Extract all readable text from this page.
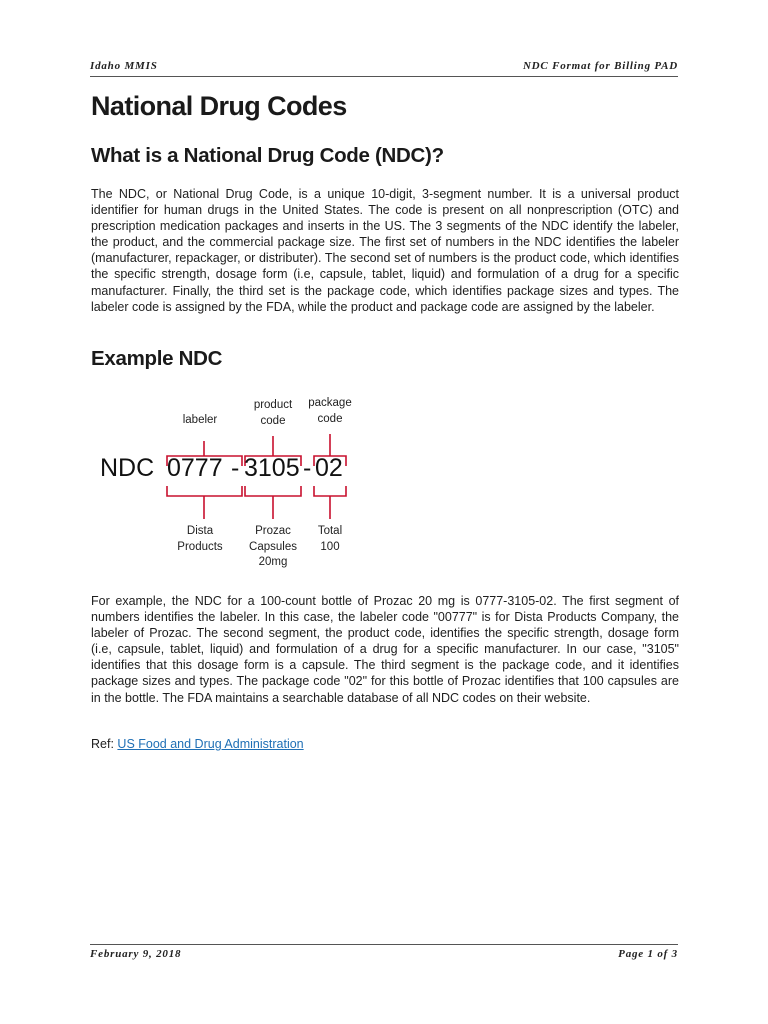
Idaho MMIS	NDC Format for Billing PAD
National Drug Codes
What is a National Drug Code (NDC)?

The NDC, or National Drug Code, is a unique 10-digit, 3-segment number. It is a universal product identifier for human drugs in the United States. The code is present on all nonprescription (OTC) and prescription medication packages and inserts in the US. The 3 segments of the NDC identify the labeler, the product, and the commercial package size. The first set of numbers in the NDC identifies the labeler (manufacturer, repackager, or distributer). The second set of numbers is the product code, which identifies the specific strength, dosage form (i.e, capsule, tablet, liquid) and formulation of a drug for a specific manufacturer. Finally, the third set is the package code, which identifies package sizes and types. The labeler code is assigned by the FDA, while the product and package code are assigned by the labeler.

Example NDC
labeler
product
code
package
code
NDC 0777 - 3105 - 02
Dista
Products
Prozac
Capsules
20mg
Total
100

For example, the NDC for a 100-count bottle of Prozac 20 mg is 0777-3105-02. The first segment of numbers identifies the labeler. In this case, the labeler code "00777" is for Dista Products Company, the labeler of Prozac. The second segment, the product code, identifies the specific strength, dosage form (i.e, capsule, tablet, liquid) and formulation of a drug for a specific manufacturer. In our case, "3105" identifies that this dosage form is a capsule. The third segment is the package code, and it identifies package sizes and types. The package code "02" for this bottle of Prozac identifies that 100 capsules are in the bottle. The FDA maintains a searchable database of all NDC codes on their website.

Ref: US Food and Drug Administration
February 9, 2018	Page 1 of 3
